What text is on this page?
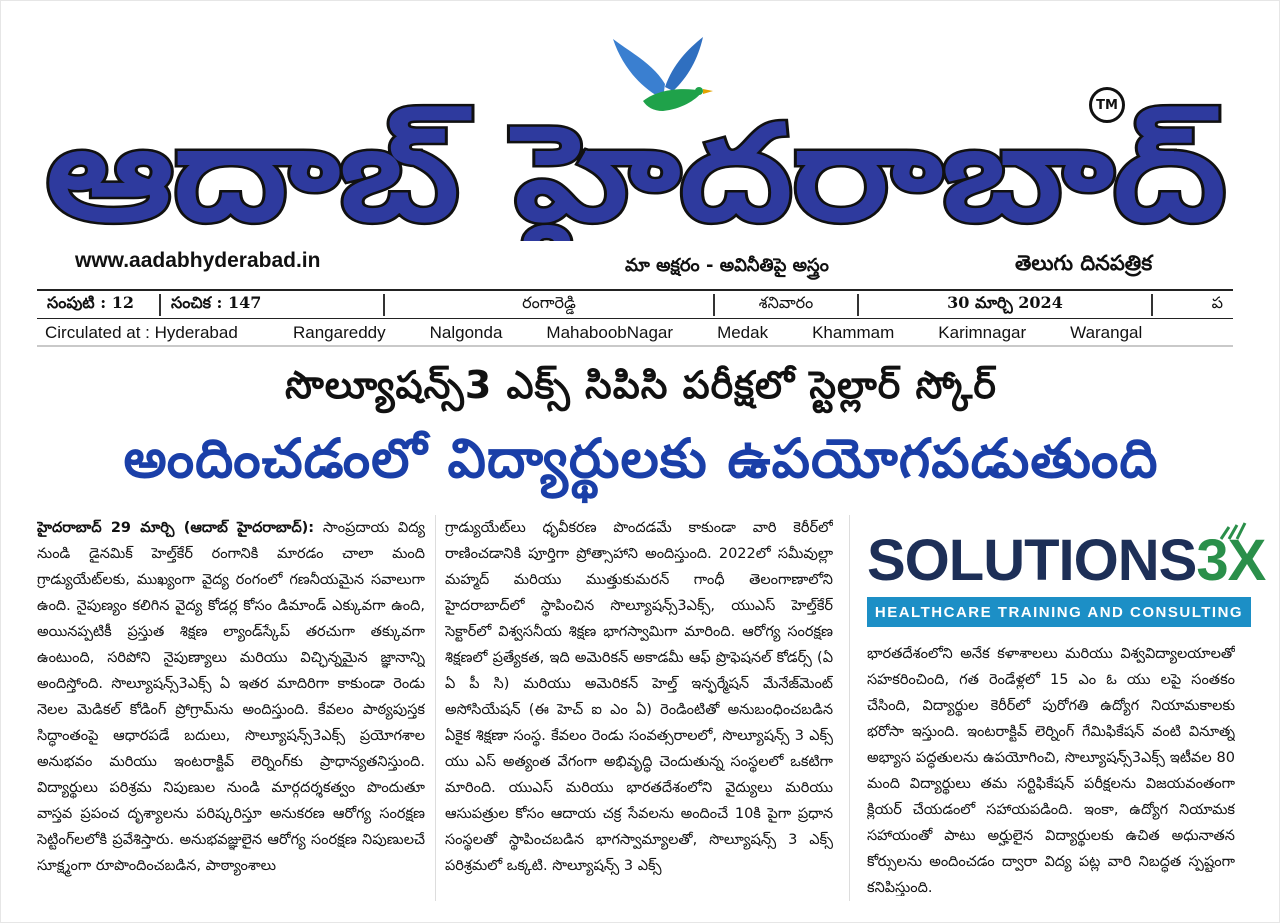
ఆదాబ్ హైదరాబాద్	TM
www.aadabhyderabad.in	మా అక్షరం - అవినీతిపై అస్త్రం	తెలుగు దినపత్రిక
సంపుటి : 12	సంచిక : 147	రంగారెడ్డి	శనివారం	30 మార్చి 2024	ప
Circulated at : Hyderabad	Rangareddy	Nalgonda	MahaboobNagar	Medak	Khammam	Karimnagar	Warangal
సొల్యూషన్స్3 ఎక్స్ సిపిసి పరీక్షలో స్టెల్లార్ స్కోర్
అందించడంలో విద్యార్థులకు ఉపయోగపడుతుంది

హైదరాబాద్ 29 మార్చి (ఆదాబ్ హైదరాబాద్): సాంప్రదాయ విద్య నుండి డైనమిక్ హెల్త్‌కేర్ రంగానికి మారడం చాలా మంది గ్రాడ్యుయేట్‌లకు, ముఖ్యంగా వైద్య రంగంలో గణనీయమైన సవాలుగా ఉంది. నైపుణ్యం కలిగిన వైద్య కోడర్ల కోసం డిమాండ్ ఎక్కువగా ఉంది, అయినప్పటికీ ప్రస్తుత శిక్షణ ల్యాండ్‌స్కేప్ తరచుగా తక్కువగా ఉంటుంది, సరిపోని నైపుణ్యాలు మరియు విచ్ఛిన్నమైన జ్ఞానాన్ని అందిస్తోంది. సొల్యూషన్స్3ఎక్స్ ఏ ఇతర మాదిరిగా కాకుండా రెండు నెలల మెడికల్ కోడింగ్ ప్రోగ్రామ్‌ను అందిస్తుంది. కేవలం పాఠ్యపుస్తక సిద్ధాంతంపై ఆధారపడే బదులు, సొల్యూషన్స్3ఎక్స్ ప్రయోగశాల అనుభవం మరియు ఇంటరాక్టివ్ లెర్నింగ్‌కు ప్రాధాన్యతనిస్తుంది. విద్యార్థులు పరిశ్రమ నిపుణుల నుండి మార్గదర్శకత్వం పొందుతూ వాస్తవ ప్రపంచ దృశ్యాలను పరిష్కరిస్తూ అనుకరణ ఆరోగ్య సంరక్షణ సెట్టింగ్‌లలోకి ప్రవేశిస్తారు. అనుభవజ్ఞులైన ఆరోగ్య సంరక్షణ నిపుణులచే సూక్ష్మంగా రూపొందించబడిన, పాఠ్యాంశాలు

గ్రాడ్యుయేట్‌లు ధృవీకరణ పొందడమే కాకుండా వారి కెరీర్‌లో రాణించడానికి పూర్తిగా ప్రోత్సాహాని అందిస్తుంది. 2022లో సమీవుల్లా మహ్మద్ మరియు ముత్తుకుమరన్ గాంధీ తెలంగాణాలోని హైదరాబాద్‌లో స్థాపించిన సొల్యూషన్స్3ఎక్స్, యుఎస్ హెల్త్‌కేర్ సెక్టార్‌లో విశ్వసనీయ శిక్షణ భాగస్వామిగా మారింది. ఆరోగ్య సంరక్షణ శిక్షణలో ప్రత్యేకత, ఇది అమెరికన్ అకాడమీ ఆఫ్ ప్రొఫెషనల్ కోడర్స్ (ఏ ఏ పీ సి) మరియు అమెరికన్ హెల్త్ ఇన్ఫర్మేషన్ మేనేజ్‌మెంట్ అసోసియేషన్ (ఈ హెచ్ ఐ ఎం ఏ) రెండింటితో అనుబంధించబడిన ఏకైక శిక్షణా సంస్థ. కేవలం రెండు సంవత్సరాలలో, సొల్యూషన్స్ 3 ఎక్స్ యు ఎస్ అత్యంత వేగంగా అభివృద్ధి చెందుతున్న సంస్థలలో ఒకటిగా మారింది. యుఎస్ మరియు భారతదేశంలోని వైద్యులు మరియు ఆసుపత్రుల కోసం ఆదాయ చక్ర సేవలను అందించే 10కి పైగా ప్రధాన సంస్థలతో స్థాపించబడిన భాగస్వామ్యాలతో, సొల్యూషన్స్ 3 ఎక్స్ పరిశ్రమలో ఒక్కటి. సొల్యూషన్స్ 3 ఎక్స్

SOLUTIONS3X
HEALTHCARE TRAINING AND CONSULTING

భారతదేశంలోని అనేక కళాశాలలు మరియు విశ్వవిద్యాలయాలతో సహకరించింది, గత రెండేళ్లలో 15 ఎం ఓ యు లపై సంతకం చేసింది, విద్యార్థుల కెరీర్‌లో పురోగతి ఉద్యోగ నియామకాలకు భరోసా ఇస్తుంది. ఇంటరాక్టివ్ లెర్నింగ్ గేమిఫికేషన్ వంటి వినూత్న అభ్యాస పద్ధతులను ఉపయోగించి, సొల్యూషన్స్3ఎక్స్ ఇటీవల 80 మంది విద్యార్థులు తమ సర్టిఫికేషన్ పరీక్షలను విజయవంతంగా క్లియర్ చేయడంలో సహాయపడింది. ఇంకా, ఉద్యోగ నియామక సహాయంతో పాటు అర్హులైన విద్యార్థులకు ఉచిత అధునాతన కోర్సులను అందించడం ద్వారా విద్య పట్ల వారి నిబద్ధత స్పష్టంగా కనిపిస్తుంది.
